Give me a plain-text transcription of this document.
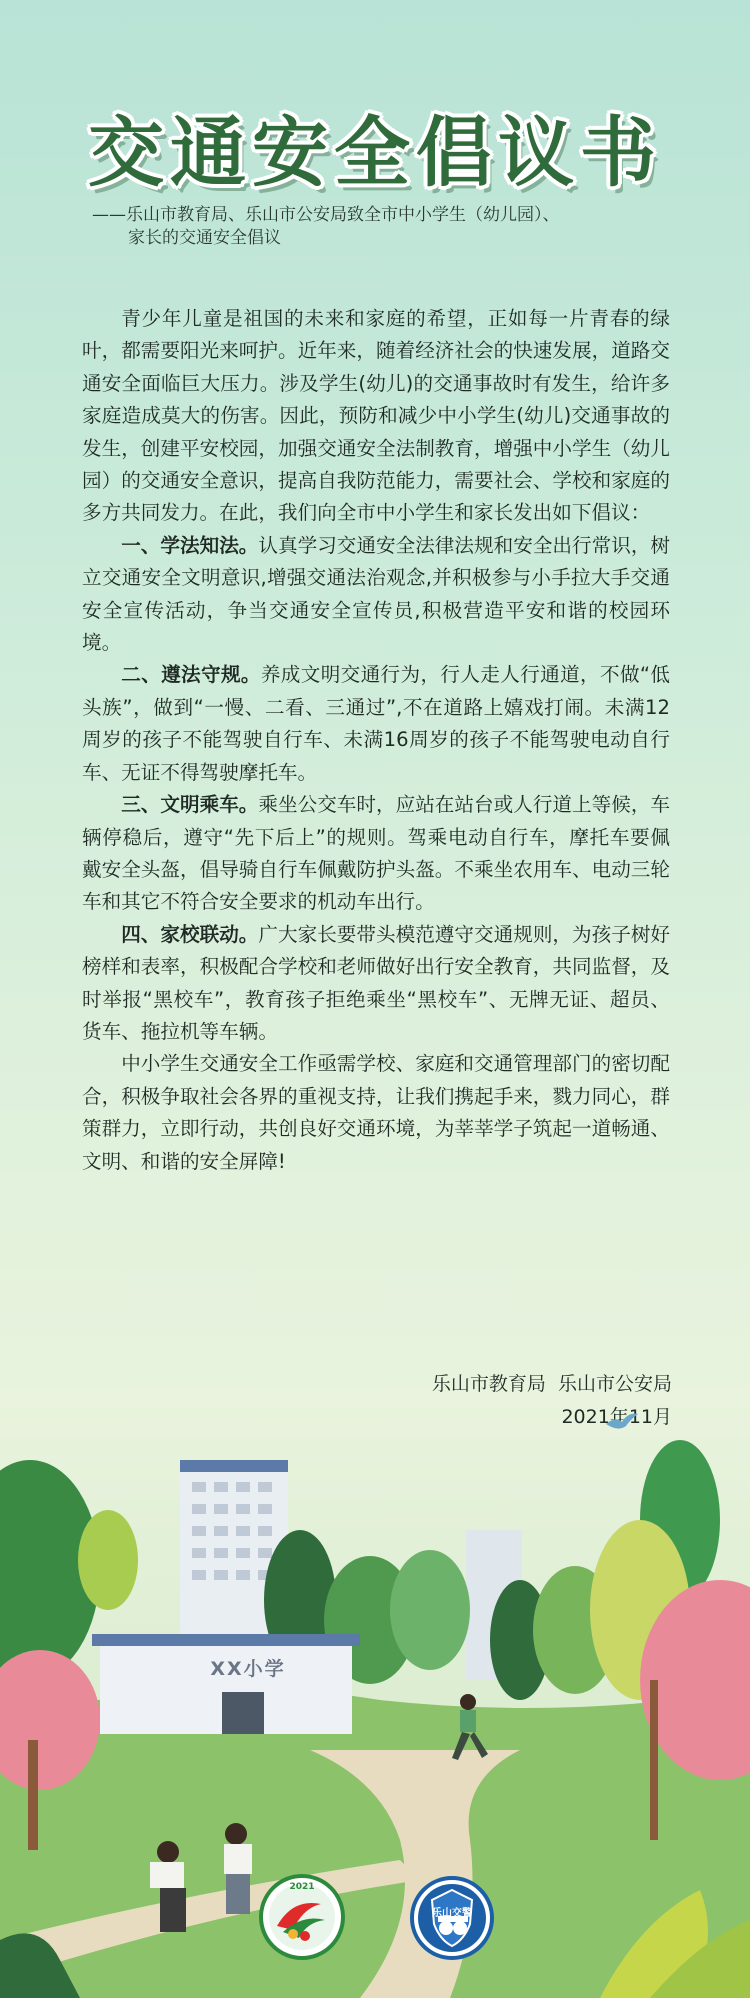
交通安全倡议书
——乐山市教育局、乐山市公安局致全市中小学生（幼儿园）、
家长的交通安全倡议

青少年儿童是祖国的未来和家庭的希望，正如每一片青春的绿叶，都需要阳光来呵护。近年来，随着经济社会的快速发展，道路交通安全面临巨大压力。涉及学生(幼儿)的交通事故时有发生，给许多家庭造成莫大的伤害。因此，预防和减少中小学生(幼儿)交通事故的发生，创建平安校园，加强交通安全法制教育，增强中小学生（幼儿园）的交通安全意识，提高自我防范能力，需要社会、学校和家庭的多方共同发力。在此，我们向全市中小学生和家长发出如下倡议：

一、学法知法。认真学习交通安全法律法规和安全出行常识，树立交通安全文明意识,增强交通法治观念,并积极参与小手拉大手交通安全宣传活动，争当交通安全宣传员,积极营造平安和谐的校园环境。

二、遵法守规。养成文明交通行为，行人走人行通道，不做“低头族”，做到“一慢、二看、三通过”,不在道路上嬉戏打闹。未满12周岁的孩子不能驾驶自行车、未满16周岁的孩子不能驾驶电动自行车、无证不得驾驶摩托车。

三、文明乘车。乘坐公交车时，应站在站台或人行道上等候，车辆停稳后，遵守“先下后上”的规则。驾乘电动自行车，摩托车要佩戴安全头盔，倡导骑自行车佩戴防护头盔。不乘坐农用车、电动三轮车和其它不符合安全要求的机动车出行。

四、家校联动。广大家长要带头模范遵守交通规则，为孩子树好榜样和表率，积极配合学校和老师做好出行安全教育，共同监督，及时举报“黑校车”，教育孩子拒绝乘坐“黑校车”、无牌无证、超员、货车、拖拉机等车辆。

中小学生交通安全工作亟需学校、家庭和交通管理部门的密切配合，积极争取社会各界的重视支持，让我们携起手来，戮力同心，群策群力，立即行动，共创良好交通环境，为莘莘学子筑起一道畅通、文明、和谐的安全屏障!

乐山市教育局  乐山市公安局
2021年11月
XX小学
2021
乐山交警
